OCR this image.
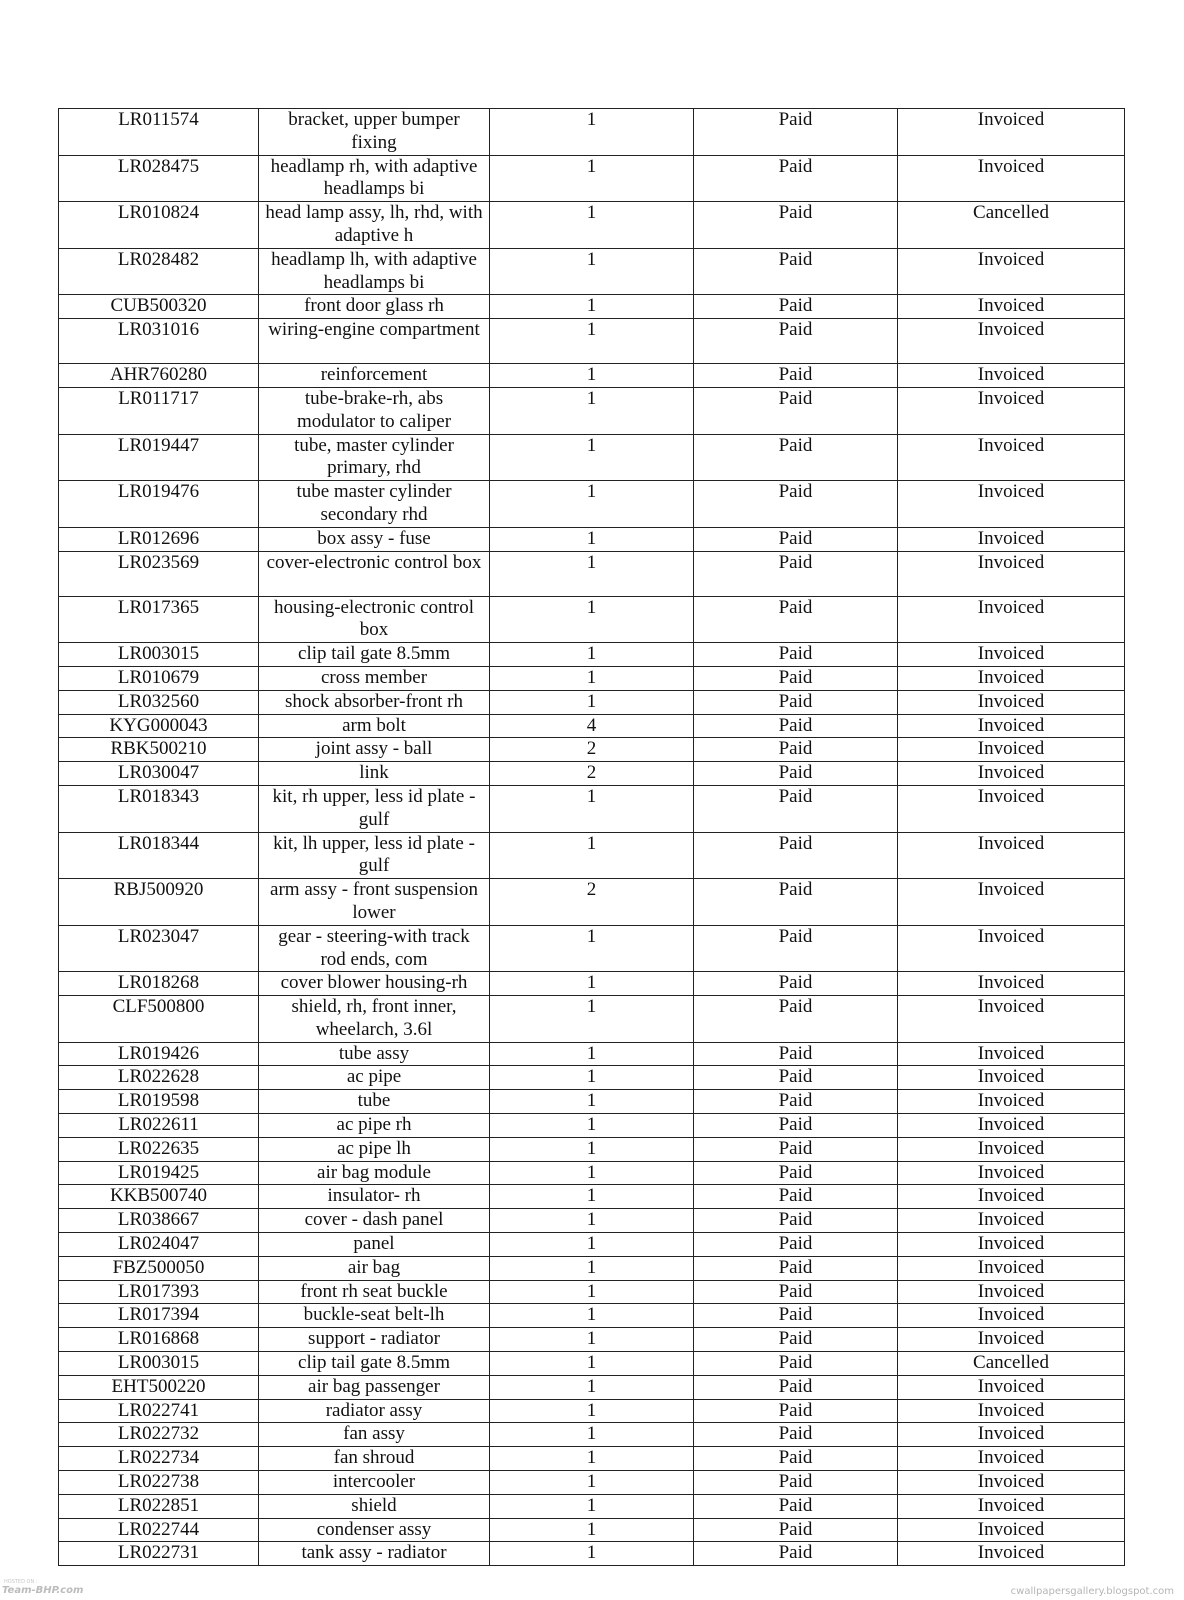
LR011574	bracket, upper bumper fixing	1	Paid	Invoiced
LR028475	headlamp rh, with adaptive headlamps bi	1	Paid	Invoiced
LR010824	head lamp assy, lh, rhd, with adaptive h	1	Paid	Cancelled
LR028482	headlamp lh, with adaptive headlamps bi	1	Paid	Invoiced
CUB500320	front door glass rh	1	Paid	Invoiced
LR031016	wiring-engine compartment	1	Paid	Invoiced
AHR760280	reinforcement	1	Paid	Invoiced
LR011717	tube-brake-rh, abs modulator to caliper	1	Paid	Invoiced
LR019447	tube, master cylinder primary, rhd	1	Paid	Invoiced
LR019476	tube master cylinder secondary rhd	1	Paid	Invoiced
LR012696	box assy - fuse	1	Paid	Invoiced
LR023569	cover-electronic control box	1	Paid	Invoiced
LR017365	housing-electronic control box	1	Paid	Invoiced
LR003015	clip tail gate 8.5mm	1	Paid	Invoiced
LR010679	cross member	1	Paid	Invoiced
LR032560	shock absorber-front rh	1	Paid	Invoiced
KYG000043	arm bolt	4	Paid	Invoiced
RBK500210	joint assy - ball	2	Paid	Invoiced
LR030047	link	2	Paid	Invoiced
LR018343	kit, rh upper, less id plate - gulf	1	Paid	Invoiced
LR018344	kit, lh upper, less id plate - gulf	1	Paid	Invoiced
RBJ500920	arm assy - front suspension lower	2	Paid	Invoiced
LR023047	gear - steering-with track rod ends, com	1	Paid	Invoiced
LR018268	cover blower housing-rh	1	Paid	Invoiced
CLF500800	shield, rh, front inner, wheelarch, 3.6l	1	Paid	Invoiced
LR019426	tube assy	1	Paid	Invoiced
LR022628	ac pipe	1	Paid	Invoiced
LR019598	tube	1	Paid	Invoiced
LR022611	ac pipe rh	1	Paid	Invoiced
LR022635	ac pipe lh	1	Paid	Invoiced
LR019425	air bag module	1	Paid	Invoiced
KKB500740	insulator- rh	1	Paid	Invoiced
LR038667	cover - dash panel	1	Paid	Invoiced
LR024047	panel	1	Paid	Invoiced
FBZ500050	air bag	1	Paid	Invoiced
LR017393	front rh seat buckle	1	Paid	Invoiced
LR017394	buckle-seat belt-lh	1	Paid	Invoiced
LR016868	support - radiator	1	Paid	Invoiced
LR003015	clip tail gate 8.5mm	1	Paid	Cancelled
EHT500220	air bag passenger	1	Paid	Invoiced
LR022741	radiator assy	1	Paid	Invoiced
LR022732	fan assy	1	Paid	Invoiced
LR022734	fan shroud	1	Paid	Invoiced
LR022738	intercooler	1	Paid	Invoiced
LR022851	shield	1	Paid	Invoiced
LR022744	condenser assy	1	Paid	Invoiced
LR022731	tank assy - radiator	1	Paid	Invoiced
HOSTED ON :
Team-BHP.com	cwallpapersgallery.blogspot.com
